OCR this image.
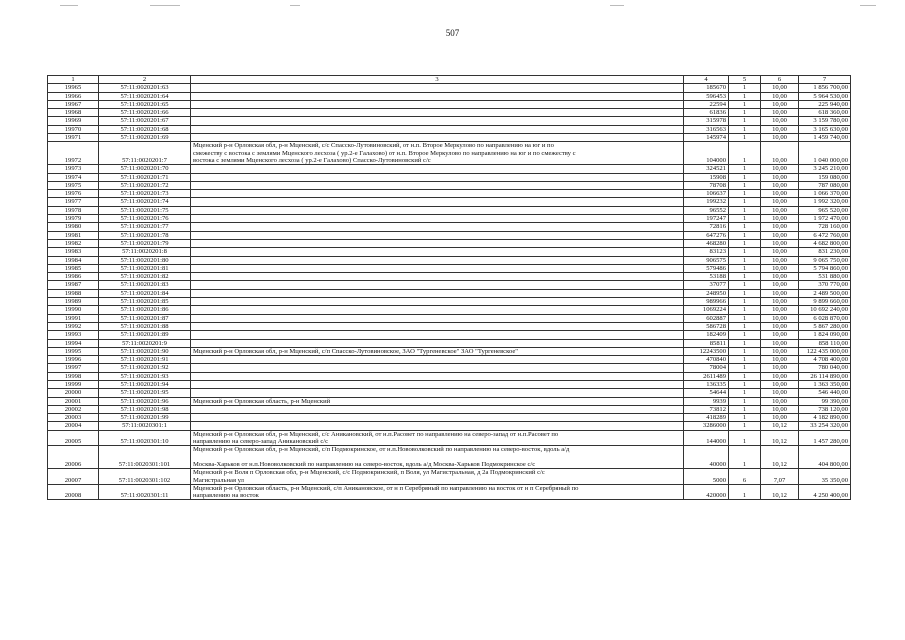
507
1	2	3	4	5	6	7
19965	57:11:0020201:63		185670	1	10,00	1 856 700,00
19966	57:11:0020201:64		596453	1	10,00	5 964 530,00
19967	57:11:0020201:65		22594	1	10,00	225 940,00
19968	57:11:0020201:66		61836	1	10,00	618 360,00
19969	57:11:0020201:67		315978	1	10,00	3 159 780,00
19970	57:11:0020201:68		316563	1	10,00	3 165 630,00
19971	57:11:0020201:69		145974	1	10,00	1 459 740,00
19972	57:11:0020201:7	Мценский р-н Орловская обл, р-н Мценский, с/с Спасско-Лутовиновский, от н.п. Второе Меркулово по направлению на юг и по
смежеству с востока с землями Мценского лесхоза ( ур.2-е Галахово) от н.п. Второе Меркулово по направлению на юг и по смежеству с
востока с землями Мценского лесхоза ( ур.2-е Галахово) Спасско-Лутовиновский с/с	104000	1	10,00	1 040 000,00
19973	57:11:0020201:70		324521	1	10,00	3 245 210,00
19974	57:11:0020201:71		15908	1	10,00	159 080,00
19975	57:11:0020201:72		78708	1	10,00	787 080,00
19976	57:11:0020201:73		106637	1	10,00	1 066 370,00
19977	57:11:0020201:74		199232	1	10,00	1 992 320,00
19978	57:11:0020201:75		96552	1	10,00	965 520,00
19979	57:11:0020201:76		197247	1	10,00	1 972 470,00
19980	57:11:0020201:77		72816	1	10,00	728 160,00
19981	57:11:0020201:78		647276	1	10,00	6 472 760,00
19982	57:11:0020201:79		468280	1	10,00	4 682 800,00
19983	57:11:0020201:8		83123	1	10,00	831 230,00
19984	57:11:0020201:80		906575	1	10,00	9 065 750,00
19985	57:11:0020201:81		579486	1	10,00	5 794 860,00
19986	57:11:0020201:82		53188	1	10,00	531 880,00
19987	57:11:0020201:83		37077	1	10,00	370 770,00
19988	57:11:0020201:84		248950	1	10,00	2 489 500,00
19989	57:11:0020201:85		989966	1	10,00	9 899 660,00
19990	57:11:0020201:86		1069224	1	10,00	10 692 240,00
19991	57:11:0020201:87		602887	1	10,00	6 028 870,00
19992	57:11:0020201:88		586728	1	10,00	5 867 280,00
19993	57:11:0020201:89		182409	1	10,00	1 824 090,00
19994	57:11:0020201:9		85811	1	10,00	858 110,00
19995	57:11:0020201:90	Мценский р-н Орловская обл, р-н Мценский, с/п Спасско-Лутовиновское, ЗАО "Тургеневское" ЗАО "Тургеневское"	12243500	1	10,00	122 435 000,00
19996	57:11:0020201:91		470840	1	10,00	4 708 400,00
19997	57:11:0020201:92		78004	1	10,00	780 040,00
19998	57:11:0020201:93		2611489	1	10,00	26 114 890,00
19999	57:11:0020201:94		136335	1	10,00	1 363 350,00
20000	57:11:0020201:95		54644	1	10,00	546 440,00
20001	57:11:0020201:96	Мценский р-н Орловская область, р-н Мценский	9939	1	10,00	99 390,00
20002	57:11:0020201:98		73812	1	10,00	738 120,00
20003	57:11:0020201:99		418289	1	10,00	4 182 890,00
20004	57:11:0020301:1		3286000	1	10,12	33 254 320,00
20005	57:11:0020301:10	Мценский р-н Орловская обл, р-н Мценский, с/с Аникановский, от н.п.Расовет по направлению на северо-запад от н.п.Расовет по
направлению на северо-запад Аникановский с/с	144000	1	10,12	1 457 280,00
20006	57:11:0020301:101	Мценский р-н Орловская обл, р-н Мценский, с/п Подмокринское, от н.п.Нововолковский по направлению на северо-восток, вдоль а/д
Москва-Харьков от н.п.Нововолковский по направлению на северо-восток, вдоль а/д Москва-Харьков Подмокринское с/с	40000	1	10,12	404 800,00
20007	57:11:0020301:102	Мценский р-н Воля п Орловская обл, р-н Мценский, с/с Подмокринский, п Воля, ул Магистральная, д 2а Подмокринский с/с
Магистральная ул	5000	6	7,07	35 350,00
20008	57:11:0020301:11	Мценский р-н Орловская область, р-н Мценский, с/п Аникановское, от н п Серебряный по направлению на восток от н п Серебряный по
направлению на восток	420000	1	10,12	4 250 400,00
